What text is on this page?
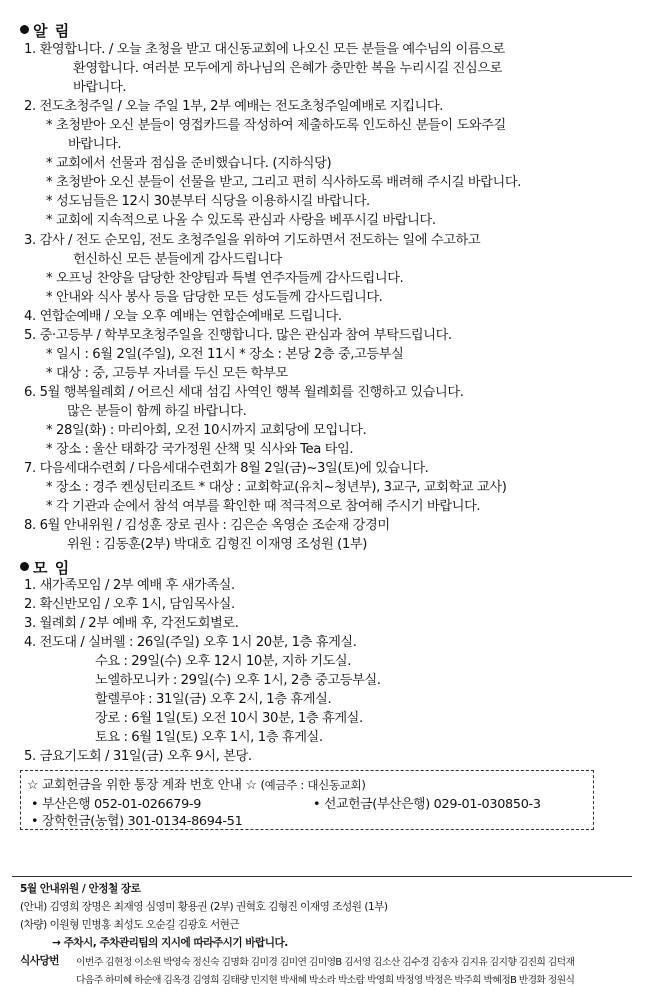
알 림
1. 환영합니다. / 오늘 초청을 받고 대신동교회에 나오신 모든 분들을 예수님의 이름으로
환영합니다. 여러분 모두에게 하나님의 은혜가 충만한 복을 누리시길 진심으로
바랍니다.
2. 전도초청주일 / 오늘 주일 1부, 2부 예배는 전도초청주일예배로 지킵니다.
* 초청받아 오신 분들이 영접카드를 작성하여 제출하도록 인도하신 분들이 도와주길
바랍니다.
* 교회에서 선물과 점심을 준비했습니다. (지하식당)
* 초청받아 오신 분들이 선물을 받고, 그리고 편히 식사하도록 배려해 주시길 바랍니다.
* 성도님들은 12시 30분부터 식당을 이용하시길 바랍니다.
* 교회에 지속적으로 나올 수 있도록 관심과 사랑을 베푸시길 바랍니다.
3. 감사 / 전도 순모임, 전도 초청주일을 위하여 기도하면서 전도하는 일에 수고하고
헌신하신 모든 분들에게 감사드립니다
* 오프닝 찬양을 담당한 찬양팀과 특별 연주자들께 감사드립니다.
* 안내와 식사 봉사 등을 담당한 모든 성도들께 감사드립니다.
4. 연합순예배 / 오늘 오후 예배는 연합순예배로 드립니다.
5. 중·고등부 / 학부모초청주일을 진행합니다. 많은 관심과 참여 부탁드립니다.
* 일시 : 6월 2일(주일), 오전 11시 * 장소 : 본당 2층 중,고등부실
* 대상 : 중, 고등부 자녀를 두신 모든 학부모
6. 5월 행복월례회 / 어르신 세대 섬김 사역인 행복 월례회를 진행하고 있습니다.
많은 분들이 함께 하길 바랍니다.
* 28일(화) : 마리아회, 오전 10시까지 교회당에 모입니다.
* 장소 : 울산 태화강 국가정원 산책 및 식사와 Tea 타임.
7. 다음세대수련회 / 다음세대수련회가 8월 2일(금)~3일(토)에 있습니다.
* 장소 : 경주 켄싱턴리조트 * 대상 : 교회학교(유치~청년부), 3교구, 교회학교 교사)
* 각 기관과 순에서 참석 여부를 확인한 때 적극적으로 참여해 주시기 바랍니다.
8. 6월 안내위원 / 김성훈 장로 권사 : 김은순 옥영순 조순재 강경미
위원 : 김동훈(2부) 박대호 김형진 이재영 조성원 (1부)
모 임
1. 새가족모임 / 2부 예배 후 새가족실.
2. 확신반모임 / 오후 1시, 담임목사실.
3. 월례회 / 2부 예배 후, 각전도회별로.
4. 전도대 / 실버웰 : 26일(주일) 오후 1시 20분, 1층 휴게실.
수요 : 29일(수) 오후 12시 10분, 지하 기도실.
노엘하모니카 : 29일(수) 오후 1시, 2층 중고등부실.
할렐루야 : 31일(금) 오후 2시, 1층 휴게실.
장로 : 6월 1일(토) 오전 10시 30분, 1층 휴게실.
토요 : 6월 1일(토) 오후 1시, 1층 휴게실.
5. 금요기도회 / 31일(금) 오후 9시, 본당.
☆ 교회헌금을 위한 통장 계좌 번호 안내 ☆ (예금주 : 대신동교회)
• 부산은행 052-01-026679-9	• 선교헌금(부산은행) 029-01-030850-3
• 장학헌금(농협) 301-0134-8694-51
5월 안내위원 / 안정철 장로
(안내) 김영희 장명은 최재영 심영미 황용권 (2부) 권혁호 김형진 이재영 조성원 (1부)
(차량) 이원형 민병홍 최성도 오순길 김광호 서현근
→ 주차시, 주차관리팀의 지시에 따라주시기 바랍니다.
식사당번 이번주 김현정 이소원 박영숙 정신숙 김명화 김미경 김미연 김미영B 김서영 김소산 김수경 김송자 김지유 김지향 김진희 김덕재
다음주 하미혜 하순애 김옥경 김영희 김태량 민지현 박새혜 박소라 박소람 박영희 박정영 박정은 박주희 박혜정B 반경화 정원식
